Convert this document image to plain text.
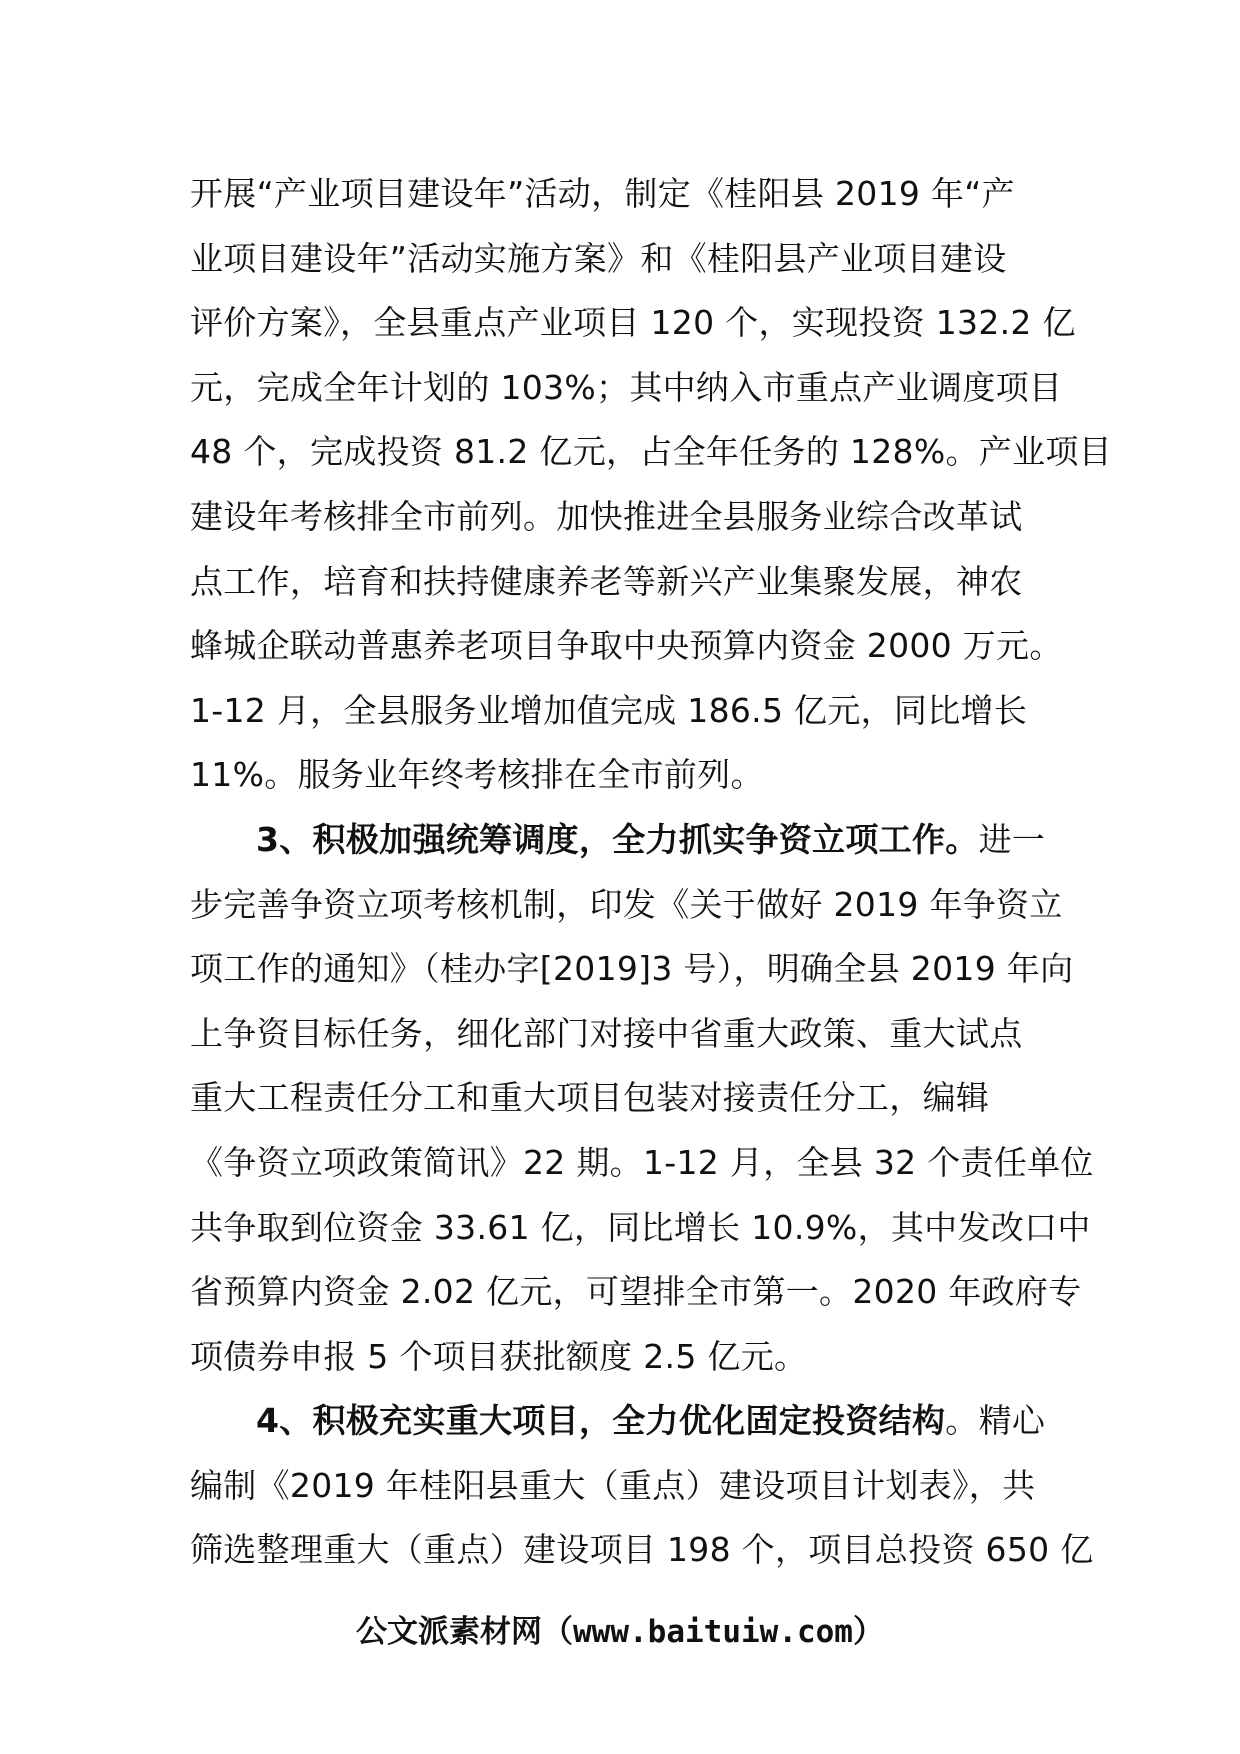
开展“产业项目建设年”活动，制定《桂阳县 2019 年“产
业项目建设年”活动实施方案》和《桂阳县产业项目建设
评价方案》，全县重点产业项目 120 个，实现投资 132.2 亿
元，完成全年计划的 103%；其中纳入市重点产业调度项目
48 个，完成投资 81.2 亿元，占全年任务的 128%。产业项目
建设年考核排全市前列。加快推进全县服务业综合改革试
点工作，培育和扶持健康养老等新兴产业集聚发展，神农
蜂城企联动普惠养老项目争取中央预算内资金 2000 万元。
1-12 月，全县服务业增加值完成 186.5 亿元，同比增长
11%。服务业年终考核排在全市前列。
3、积极加强统筹调度，全力抓实争资立项工作。进一
步完善争资立项考核机制，印发《关于做好 2019 年争资立
项工作的通知》（桂办字[2019]3 号），明确全县 2019 年向
上争资目标任务，细化部门对接中省重大政策、重大试点
重大工程责任分工和重大项目包装对接责任分工，编辑
《争资立项政策简讯》22 期。1-12 月，全县 32 个责任单位
共争取到位资金 33.61 亿，同比增长 10.9%，其中发改口中
省预算内资金 2.02 亿元，可望排全市第一。2020 年政府专
项债券申报 5 个项目获批额度 2.5 亿元。
4、积极充实重大项目，全力优化固定投资结构。精心
编制《2019 年桂阳县重大（重点）建设项目计划表》，共
筛选整理重大（重点）建设项目 198 个，项目总投资 650 亿
公文派素材网（www.baituiw.com）
